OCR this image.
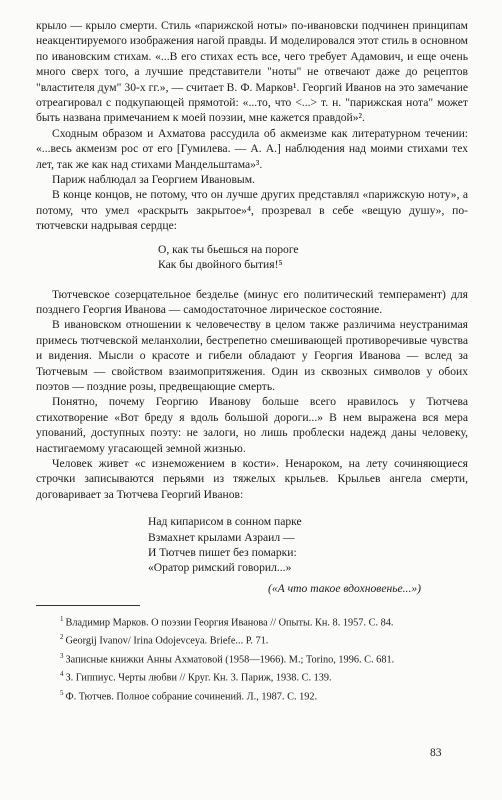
крыло — крыло смерти. Стиль «парижской ноты» по-ивановски подчинен принципам неакцентируемого изображения нагой правды. И моделировался этот стиль в основном по ивановским стихам. «...В его стихах есть все, чего требует Адамович, и еще очень много сверх того, а лучшие представители "ноты" не отвечают даже до рецептов "властителя дум" 30-х гг.», — считает В. Ф. Марков¹. Георгий Иванов на это замечание отреагировал с подкупающей прямотой: «...то, что <...> т. н. "парижская нота" может быть названа примечанием к моей поэзии, мне кажется правдой»².

Сходным образом и Ахматова рассудила об акмеизме как литературном течении: «...весь акмеизм рос от его [Гумилева. — А. А.] наблюдения над моими стихами тех лет, так же как над стихами Мандельштама»³.

Париж наблюдал за Георгием Ивановым.

В конце концов, не потому, что он лучше других представлял «парижскую ноту», а потому, что умел «раскрыть закрытое»⁴, прозревал в себе «вещую душу», по-тютчевски надрывая сердце:

О, как ты бьешься на пороге
Как бы двойного бытия!⁵

Тютчевское созерцательное безделье (минус его политический темперамент) для позднего Георгия Иванова — самодостаточное лирическое состояние.

В ивановском отношении к человечеству в целом также различима неустранимая примесь тютчевской меланхолии, бестрепетно смешивающей противоречивые чувства и видения. Мысли о красоте и гибели обладают у Георгия Иванова — вслед за Тютчевым — свойством взаимопритяжения. Один из сквозных символов у обоих поэтов — поздние розы, предвещающие смерть.

Понятно, почему Георгию Иванову больше всего нравилось у Тютчева стихотворение «Вот бреду я вдоль большой дороги...» В нем выражена вся мера упований, доступных поэту: не залоги, но лишь проблески надежд даны человеку, настигаемому угасающей земной жизнью.

Человек живет «с изнеможением в кости». Ненароком, на лету сочиняющиеся строчки записываются перьями из тяжелых крыльев. Крыльев ангела смерти, договаривает за Тютчева Георгий Иванов:

Над кипарисом в сонном парке
Взмахнет крылами Азраил —
И Тютчев пишет без помарки:
«Оратор римский говорил...»
(«А что такое вдохновенье...»)
$^1$ Владимир Марков. О поэзии Георгия Иванова // Опыты. Кн. 8. 1957. С. 84.
$^2$ Georgij Ivanov/ Irina Odojevceya. Briefe... P. 71.
$^3$ Записные книжки Анны Ахматовой (1958—1966). М.; Torino, 1996. С. 681.
$^4$ З. Гиппиус. Черты любви // Круг. Кн. 3. Париж, 1938. С. 139.
$^5$ Ф. Тютчев. Полное собрание сочинений. Л., 1987. С. 192.
83
